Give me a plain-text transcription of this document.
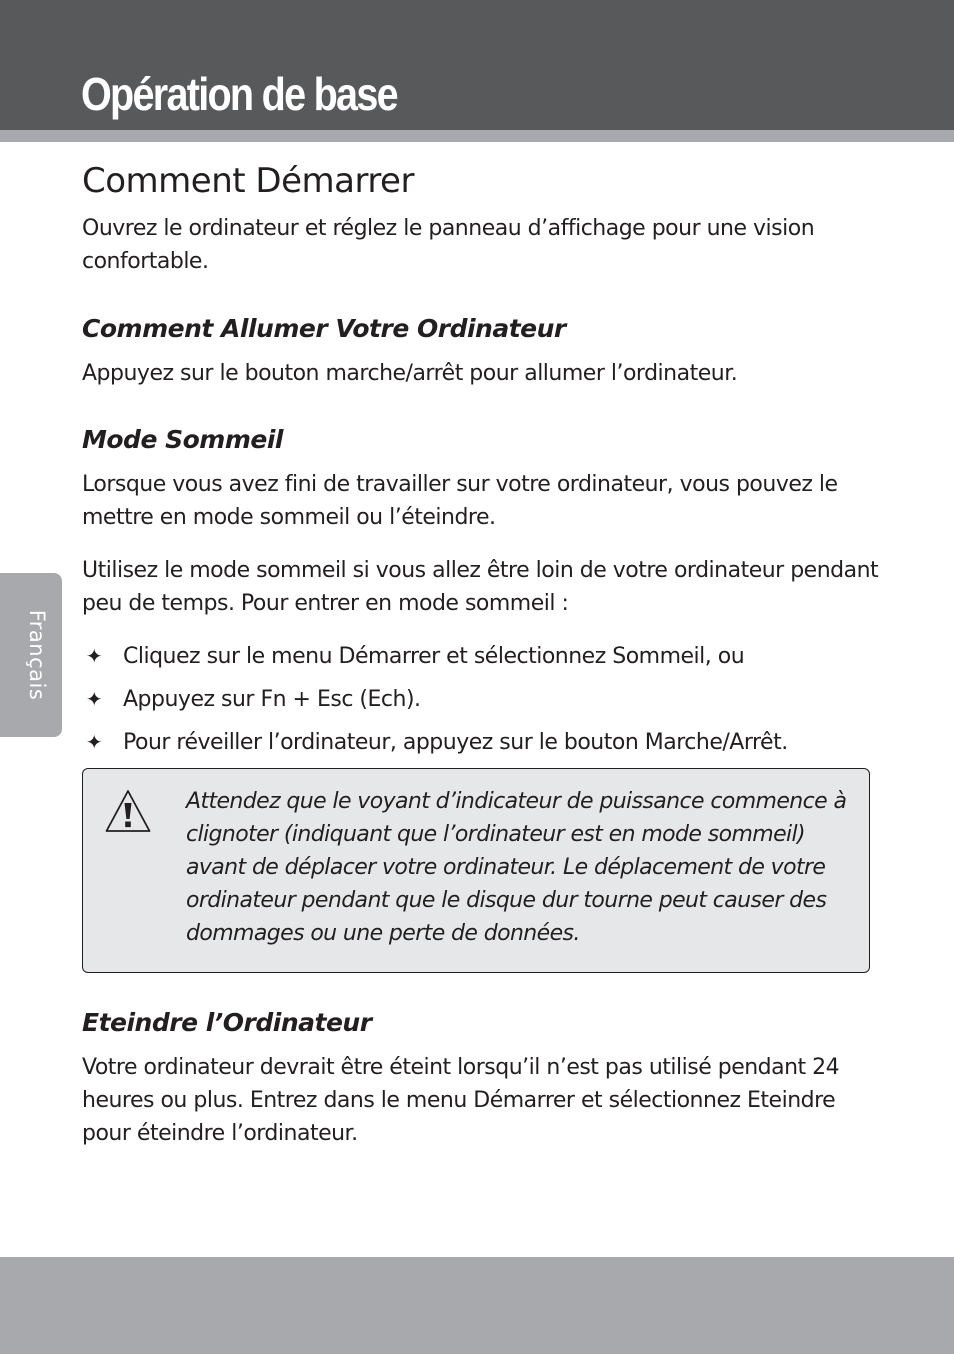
Opération de base
Français
Comment Démarrer

Ouvrez le ordinateur et réglez le panneau d’affichage pour une vision confortable.

Comment Allumer Votre Ordinateur

Appuyez sur le bouton marche/arrêt pour allumer l’ordinateur.

Mode Sommeil

Lorsque vous avez fini de travailler sur votre ordinateur, vous pouvez le mettre en mode sommeil ou l’éteindre.

Utilisez le mode sommeil si vous allez être loin de votre ordinateur pendant peu de temps. Pour entrer en mode sommeil :

✦ Cliquez sur le menu Démarrer et sélectionnez Sommeil, ou
✦ Appuyez sur Fn + Esc (Ech).
✦ Pour réveiller l’ordinateur, appuyez sur le bouton Marche/Arrêt.
Eteindre l’Ordinateur

Votre ordinateur devrait être éteint lorsqu’il n’est pas utilisé pendant 24 heures ou plus. Entrez dans le menu Démarrer et sélectionnez Eteindre pour éteindre l’ordinateur.

Attendez que le voyant d’indicateur de puissance commence à clignoter (indiquant que l’ordinateur est en mode sommeil) avant de déplacer votre ordinateur. Le déplacement de votre ordinateur pendant que le disque dur tourne peut causer des dommages ou une perte de données.
